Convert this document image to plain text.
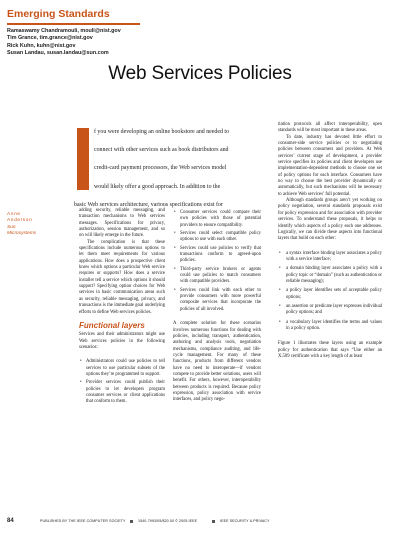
Emerging Standards
Ramaswamy Chandramouli, mouli@nist.gov
Tim Grance, tim.grance@nist.gov
Rick Kuhn, kuhn@nist.gov
Susan Landau, susan.landau@sun.com
Web Services Policies
f you were developing an online bookstore and needed to
connect with other services such as book distributors and
credit-card payment processors, the Web services model
would likely offer a good approach. In addition to the
basic Web services architecture, various specifications exist for
Anne
Anderson
Sun
Microsystems

adding security, reliable messaging, and transaction mechanisms to Web services messages. Specifications for privacy, authorization, session management, and so on will likely emerge in the future.

The complication is that these specifications include numerous options to let them meet requirements for various applications. How does a prospective client know which options a particular Web service requires or supports? How does a service installer tell a service which options it should support? Specifying option choices for Web services in basic communication areas such as security, reliable messaging, privacy, and transactions is the immediate goal underlying efforts to define Web services policies.

Functional layers

Services and their administrators might use Web services policies in the following scenarios:

• Administrators could use policies to tell services to use particular subsets of the options they’re programmed to support.
• Provider services could publish their policies to let developers program consumer services or client applications that conform to them.
• Consumer services could compare their own policies with those of potential providers to ensure compatibility.
• Services could select compatible policy options to use with each other.
• Services could use policies to verify that transactions conform to agreed-upon policies.
• Third-party service brokers or agents could use policies to match consumers with compatible providers.
• Services could link with each other to provide consumers with more powerful composite services that incorporate the policies of all involved.

A complete solution for these scenarios involves numerous functions for dealing with policies, including transport, authentication, authoring and analysis tools, negotiation mechanisms, compliance auditing, and life-cycle management. For many of these functions, products from different vendors have no need to interoperate—if vendors compete to provide better solutions, users will benefit. For others, however, interoperability between products is required. Because policy expression, policy association with service interfaces, and policy nego-

tiation protocols all affect interoperability, open standards will be most important in these areas.

To date, industry has devoted little effort to consumer-side service policies or to negotiating policies between consumers and providers. At Web services’ current stage of development, a provider service specifies its policies and client developers use implementation-dependent methods to choose one set of policy options for each interface. Consumers have no way to choose the best provider dynamically or automatically, but such mechanisms will be necessary to achieve Web services’ full potential.

Although standards groups aren’t yet working on policy negotiation, several standards proposals exist for policy expression and for association with provider services. To understand these proposals, it helps to identify which aspects of a policy each one addresses. Logically, we can divide these aspects into functional layers that build on each other:

• a syntax interface binding layer associates a policy with a service interface;
• a domain binding layer associates a policy with a policy topic or “domain” (such as authentication or reliable messaging);
• a policy layer identifies sets of acceptable policy options;
• an assertion or predicate layer expresses individual policy options; and
• a vocabulary layer identifies the terms and values in a policy option.

Figure 1 illustrates these layers using an example policy for authentication that says “Use either an X.509 certificate with a key length of at least

84	PUBLISHED BY THE IEEE COMPUTER SOCIETY	1540-7993/05/$20.00 © 2005 IEEE	IEEE SECURITY & PRIVACY
